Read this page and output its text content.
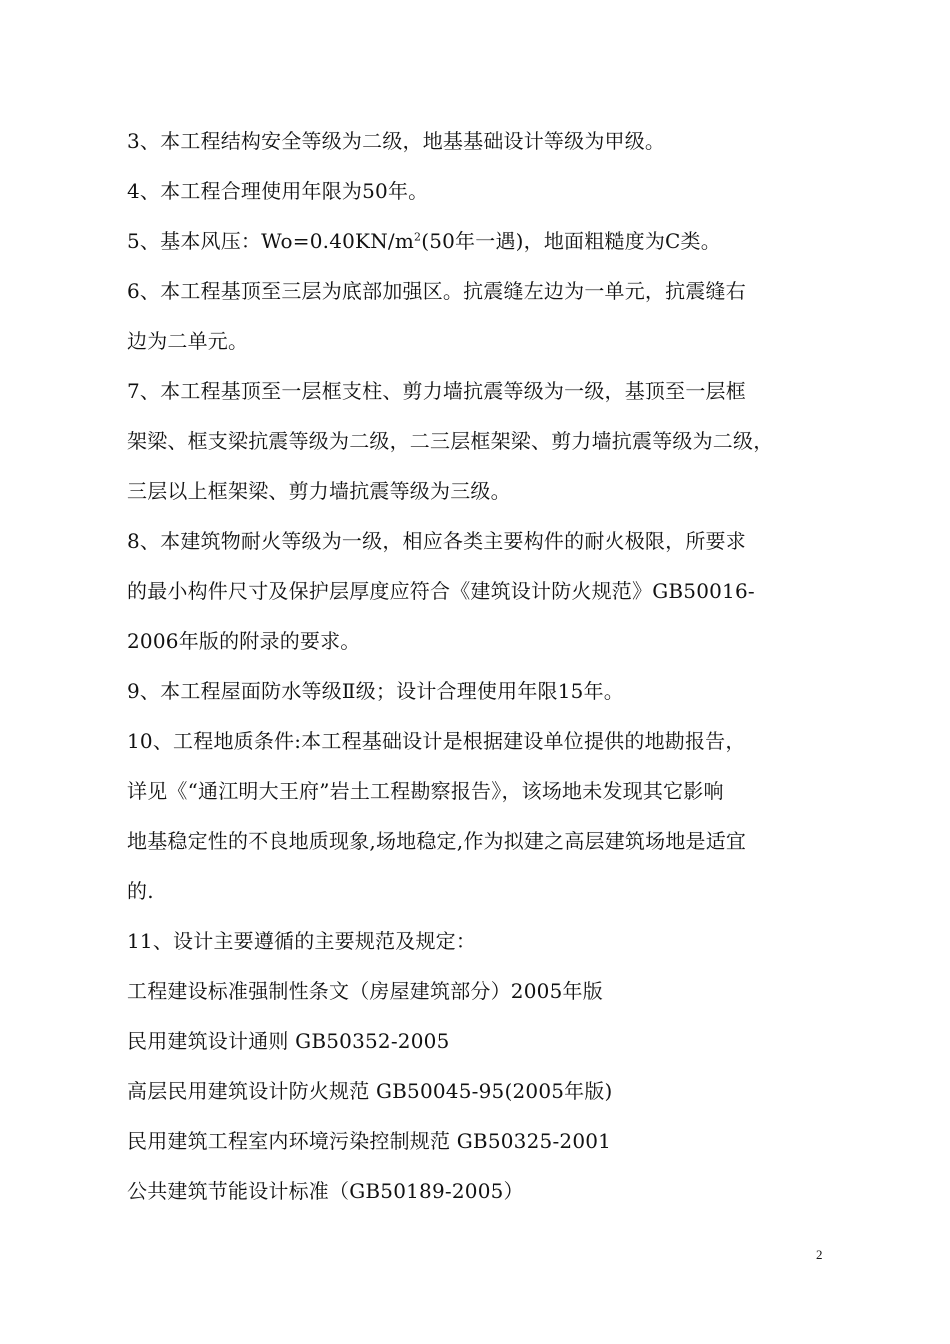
3、本工程结构安全等级为二级，地基基础设计等级为甲级。
4、本工程合理使用年限为50年。
5、基本风压：$Wo=0.40KN/m^2(50$年一遇)，地面粗糙度为C类。
6、本工程基顶至三层为底部加强区。抗震缝左边为一单元，抗震缝右
边为二单元。
7、本工程基顶至一层框支柱、剪力墙抗震等级为一级，基顶至一层框
架梁、框支梁抗震等级为二级，二三层框架梁、剪力墙抗震等级为二级，
三层以上框架梁、剪力墙抗震等级为三级。
8、本建筑物耐火等级为一级，相应各类主要构件的耐火极限，所要求
的最小构件尺寸及保护层厚度应符合《建筑设计防火规范》GB50016-
2006年版的附录的要求。
9、本工程屋面防水等级Ⅱ级；设计合理使用年限15年。
10、工程地质条件:本工程基础设计是根据建设单位提供的地勘报告，
详见《“通江明大王府”岩土工程勘察报告》，该场地未发现其它影响
地基稳定性的不良地质现象,场地稳定,作为拟建之高层建筑场地是适宜
的.
11、设计主要遵循的主要规范及规定：
工程建设标准强制性条文（房屋建筑部分）2005年版
民用建筑设计通则 GB50352-2005
高层民用建筑设计防火规范 GB50045-95(2005年版)
民用建筑工程室内环境污染控制规范 GB50325-2001
公共建筑节能设计标准（GB50189-2005）
2
